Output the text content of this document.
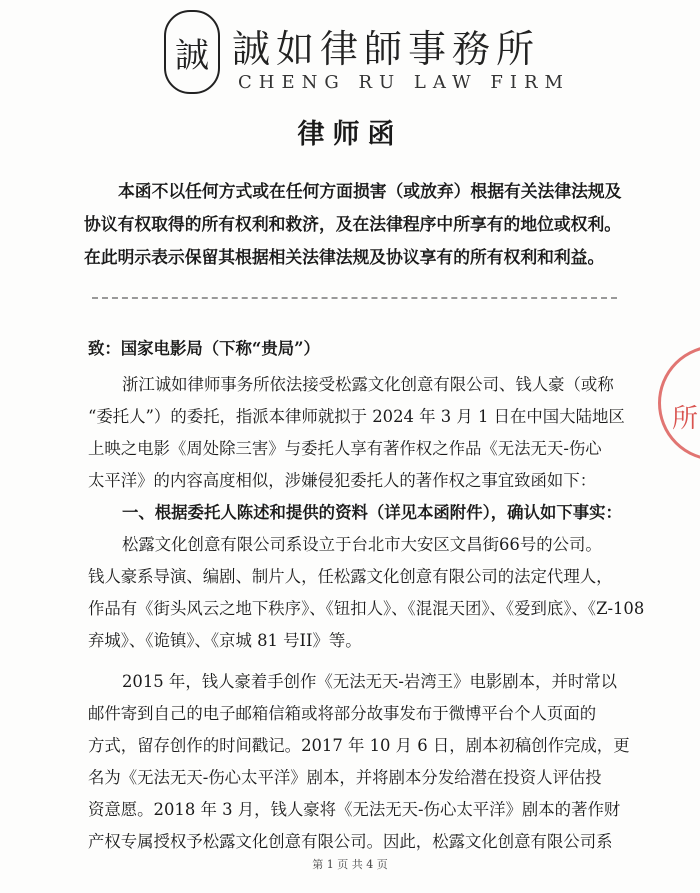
誠 誠如律師事務所
CHENG RU LAW FIRM
律师函

本函不以任何方式或在任何方面损害（或放弃）根据有关法律法规及

协议有权取得的所有权利和救济，及在法律程序中所享有的地位或权利。

在此明示表示保留其根据相关法律法规及协议享有的所有权利和利益。

致：国家电影局（下称“贵局”）

浙江诚如律师事务所依法接受松露文化创意有限公司、钱人豪（或称

“委托人”）的委托，指派本律师就拟于 2024 年 3 月 1 日在中国大陆地区

上映之电影《周处除三害》与委托人享有著作权之作品《无法无天-伤心

太平洋》的内容高度相似，涉嫌侵犯委托人的著作权之事宜致函如下：

一、根据委托人陈述和提供的资料（详见本函附件），确认如下事实：

松露文化创意有限公司系设立于台北市大安区文昌街66号的公司。

钱人豪系导演、编剧、制片人，任松露文化创意有限公司的法定代理人，

作品有《街头风云之地下秩序》、《钮扣人》、《混混天团》、《爱到底》、《Z-108

弃城》、《诡镇》、《京城 81 号II》等。

2015 年，钱人豪着手创作《无法无天-岩湾王》电影剧本，并时常以

邮件寄到自己的电子邮箱信箱或将部分故事发布于微博平台个人页面的

方式，留存创作的时间戳记。2017 年 10 月 6 日，剧本初稿创作完成，更

名为《无法无天-伤心太平洋》剧本，并将剧本分发给潜在投资人评估投

资意愿。2018 年 3 月，钱人豪将《无法无天-伤心太平洋》剧本的著作财

产权专属授权予松露文化创意有限公司。因此，松露文化创意有限公司系

所
第 1 页 共 4 页
